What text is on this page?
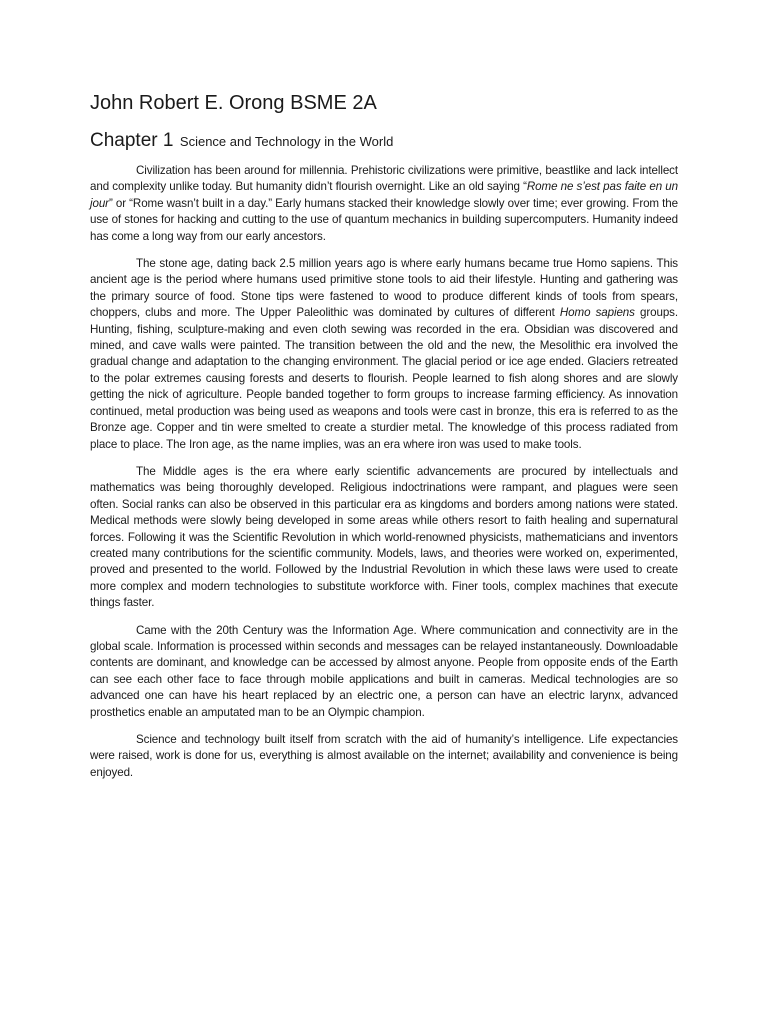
John Robert E. Orong BSME 2A
Chapter 1 Science and Technology in the World

Civilization has been around for millennia. Prehistoric civilizations were primitive, beastlike and lack intellect and complexity unlike today. But humanity didn’t flourish overnight. Like an old saying “Rome ne s’est pas faite en un jour” or “Rome wasn’t built in a day.” Early humans stacked their knowledge slowly over time; ever growing. From the use of stones for hacking and cutting to the use of quantum mechanics in building supercomputers. Humanity indeed has come a long way from our early ancestors.

The stone age, dating back 2.5 million years ago is where early humans became true Homo sapiens. This ancient age is the period where humans used primitive stone tools to aid their lifestyle. Hunting and gathering was the primary source of food. Stone tips were fastened to wood to produce different kinds of tools from spears, choppers, clubs and more. The Upper Paleolithic was dominated by cultures of different Homo sapiens groups. Hunting, fishing, sculpture-making and even cloth sewing was recorded in the era. Obsidian was discovered and mined, and cave walls were painted. The transition between the old and the new, the Mesolithic era involved the gradual change and adaptation to the changing environment. The glacial period or ice age ended. Glaciers retreated to the polar extremes causing forests and deserts to flourish. People learned to fish along shores and are slowly getting the nick of agriculture. People banded together to form groups to increase farming efficiency. As innovation continued, metal production was being used as weapons and tools were cast in bronze, this era is referred to as the Bronze age. Copper and tin were smelted to create a sturdier metal. The knowledge of this process radiated from place to place. The Iron age, as the name implies, was an era where iron was used to make tools.

The Middle ages is the era where early scientific advancements are procured by intellectuals and mathematics was being thoroughly developed. Religious indoctrinations were rampant, and plagues were seen often. Social ranks can also be observed in this particular era as kingdoms and borders among nations were stated. Medical methods were slowly being developed in some areas while others resort to faith healing and supernatural forces. Following it was the Scientific Revolution in which world-renowned physicists, mathematicians and inventors created many contributions for the scientific community. Models, laws, and theories were worked on, experimented, proved and presented to the world. Followed by the Industrial Revolution in which these laws were used to create more complex and modern technologies to substitute workforce with. Finer tools, complex machines that execute things faster.

Came with the 20th Century was the Information Age. Where communication and connectivity are in the global scale. Information is processed within seconds and messages can be relayed instantaneously. Downloadable contents are dominant, and knowledge can be accessed by almost anyone. People from opposite ends of the Earth can see each other face to face through mobile applications and built in cameras. Medical technologies are so advanced one can have his heart replaced by an electric one, a person can have an electric larynx, advanced prosthetics enable an amputated man to be an Olympic champion.

Science and technology built itself from scratch with the aid of humanity’s intelligence. Life expectancies were raised, work is done for us, everything is almost available on the internet; availability and convenience is being enjoyed.
